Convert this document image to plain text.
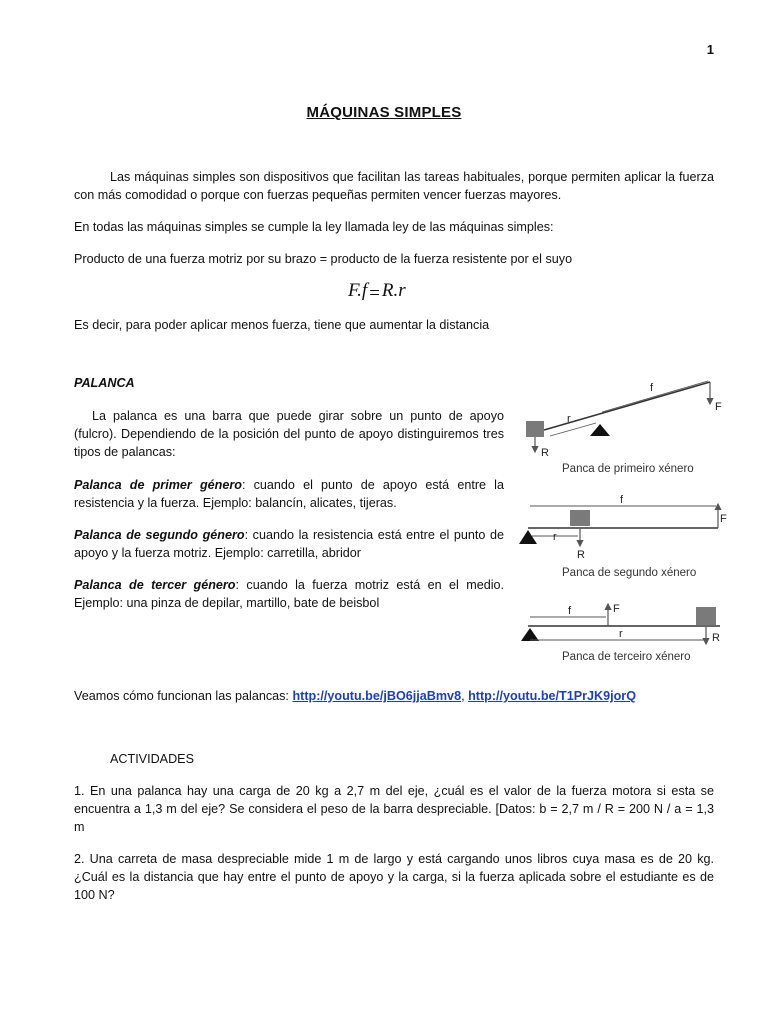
1
MÁQUINAS SIMPLES
Las máquinas simples son dispositivos que facilitan las tareas habituales, porque permiten aplicar la fuerza con más comodidad o porque con fuerzas pequeñas permiten vencer fuerzas mayores.
En todas las máquinas simples se cumple la ley llamada ley de las máquinas simples:
Producto de una fuerza motriz por su brazo = producto de la fuerza resistente por el suyo
F.f = R.r
Es decir, para poder aplicar menos fuerza, tiene que aumentar la distancia
PALANCA
La palanca es una barra que puede girar sobre un punto de apoyo (fulcro). Dependiendo de la posición del punto de apoyo distinguiremos tres tipos de palancas:
Palanca de primer género: cuando el punto de apoyo está entre la resistencia y la fuerza. Ejemplo: balancín, alicates, tijeras.
Palanca de segundo género: cuando la resistencia está entre el punto de apoyo y la fuerza motriz. Ejemplo: carretilla, abridor
Palanca de tercer género: cuando la fuerza motriz está en el medio. Ejemplo: una pinza de depilar, martillo, bate de beisbol
R
F
r
f
Panca de primeiro xénero
f
F
r
R
Panca de segundo xénero
f	F
r	R
Panca de terceiro xénero
Veamos cómo funcionan las palancas: http://youtu.be/jBO6jjaBmv8, http://youtu.be/T1PrJK9jorQ
ACTIVIDADES
1. En una palanca hay una carga de 20 kg a 2,7 m del eje, ¿cuál es el valor de la fuerza motora si esta se encuentra a 1,3 m del eje? Se considera el peso de la barra despreciable. [Datos: b = 2,7 m / R = 200 N / a = 1,3 m
2. Una carreta de masa despreciable mide 1 m de largo y está cargando unos libros cuya masa es de 20 kg. ¿Cuál es la distancia que hay entre el punto de apoyo y la carga, si la fuerza aplicada sobre el estudiante es de 100 N?
